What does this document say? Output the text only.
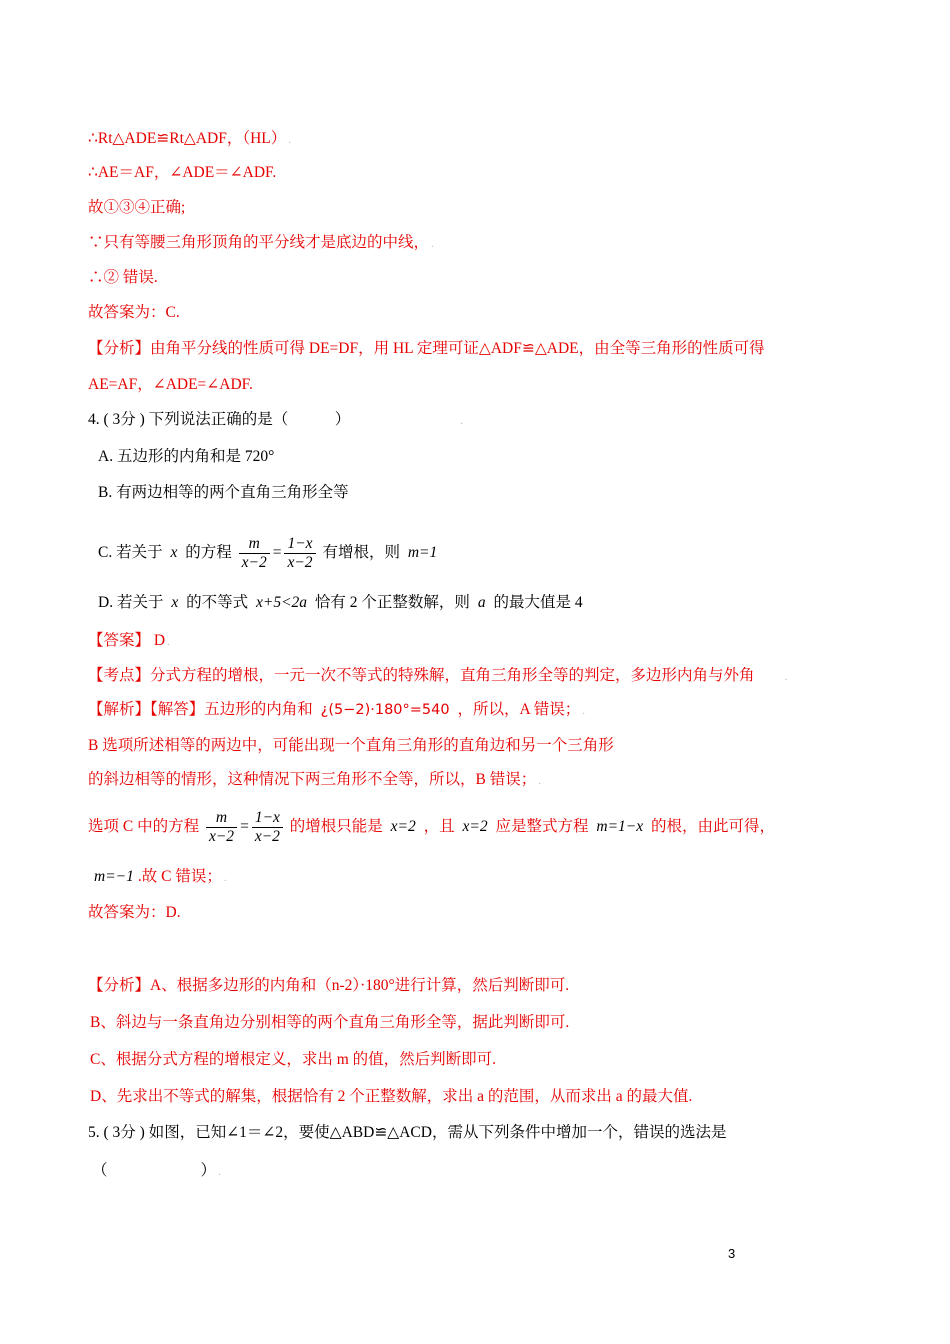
∴Rt△ADE≌Rt△ADF，（HL） .
∴AE＝AF，∠ADE＝∠ADF.
故①③④正确;
∵只有等腰三角形顶角的平分线才是底边的中线， .
∴② 错误.
故答案为：C.
【分析】由角平分线的性质可得 DE=DF，用 HL 定理可证△ADF≌△ADE，由全等三角形的性质可得
AE=AF，∠ADE=∠ADF.
4. ( 3分 ) 下列说法正确的是（　　　）	.
A. 五边形的内角和是 720°
B. 有两边相等的两个直角三角形全等
C. 若关于 x 的方程 $\frac{m}{x-2} = \frac{1-x}{x-2}$ 有增根，则 m=1
D. 若关于 x 的不等式 x+5<2a 恰有 2 个正整数解，则 a 的最大值是 4
【答案】 D .
【考点】分式方程的增根，一元一次不等式的特殊解，直角三角形全等的判定，多边形内角与外角	.
【解析】【解答】五边形的内角和 ¿(5−2)·180°=540 ，所以，A 错误； .
B 选项所述相等的两边中，可能出现一个直角三角形的直角边和另一个三角形
的斜边相等的情形，这种情况下两三角形不全等，所以，B 错误； .
选项 C 中的方程 $\frac{m}{x-2} = \frac{1-x}{x-2}$ 的增根只能是 x=2 ，且 x=2 应是整式方程 m=1−x 的根，由此可得，
m=−1 .故 C 错误； .
故答案为：D.
【分析】A、根据多边形的内角和（n-2）·180°进行计算，然后判断即可.
B、斜边与一条直角边分别相等的两个直角三角形全等，据此判断即可.
C、根据分式方程的增根定义，求出 m 的值，然后判断即可.
D、先求出不等式的解集，根据恰有 2 个正整数解，求出 a 的范围，从而求出 a 的最大值.
5. ( 3分 ) 如图，已知∠1＝∠2，要使△ABD≌△ACD，需从下列条件中增加一个，错误的选法是
（　　　　　　） .
3
